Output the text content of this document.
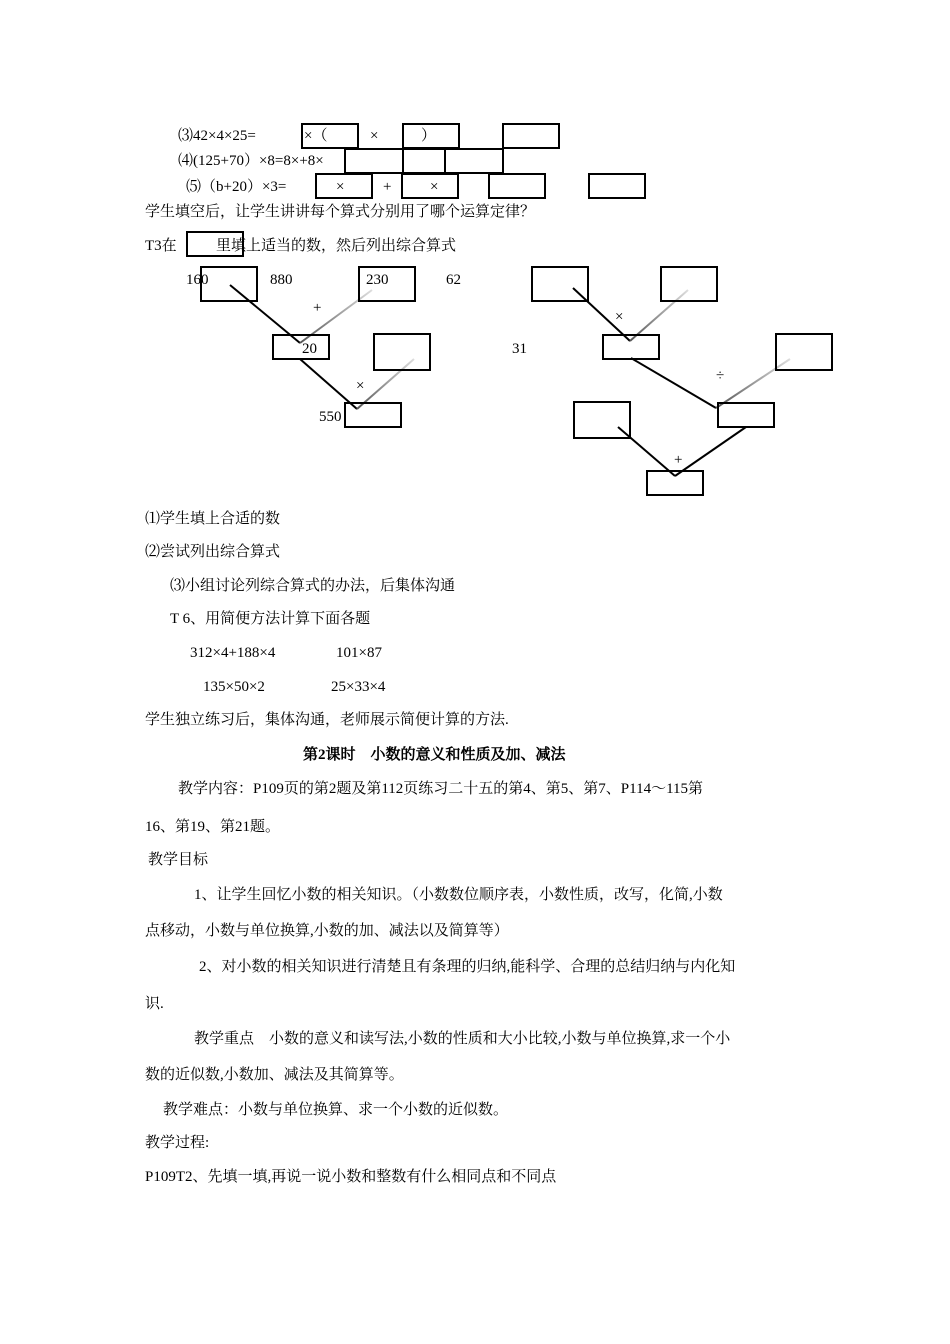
⑶42×4×25=	×（	×	）
⑷(125+70）×8=8×+8×
⑸（b+20）×3=	×	+	×
学生填空后，让学生讲讲每个算式分别用了哪个运算定律？
T3在	里填上适当的数，然后列出综合算式
160	880	230	62
+
20
×
550
×
31
÷
+
⑴学生填上合适的数
⑵尝试列出综合算式
⑶小组讨论列综合算式的办法，后集体沟通
T 6、用简便方法计算下面各题
312×4+188×4	101×87
135×50×2	25×33×4
学生独立练习后，集体沟通，老师展示简便计算的方法.
第2课时    小数的意义和性质及加、减法
教学内容：P109页的第2题及第112页练习二十五的第4、第5、第7、P114～115第
16、第19、第21题。
教学目标
1、让学生回忆小数的相关知识。（小数数位顺序表，小数性质，改写，化简,小数
点移动，小数与单位换算,小数的加、减法以及简算等）
2、对小数的相关知识进行清楚且有条理的归纳,能科学、合理的总结归纳与内化知
识.
教学重点    小数的意义和读写法,小数的性质和大小比较,小数与单位换算,求一个小
数的近似数,小数加、减法及其简算等。
教学难点：小数与单位换算、求一个小数的近似数。
教学过程:
P109T2、先填一填,再说一说小数和整数有什么相同点和不同点
